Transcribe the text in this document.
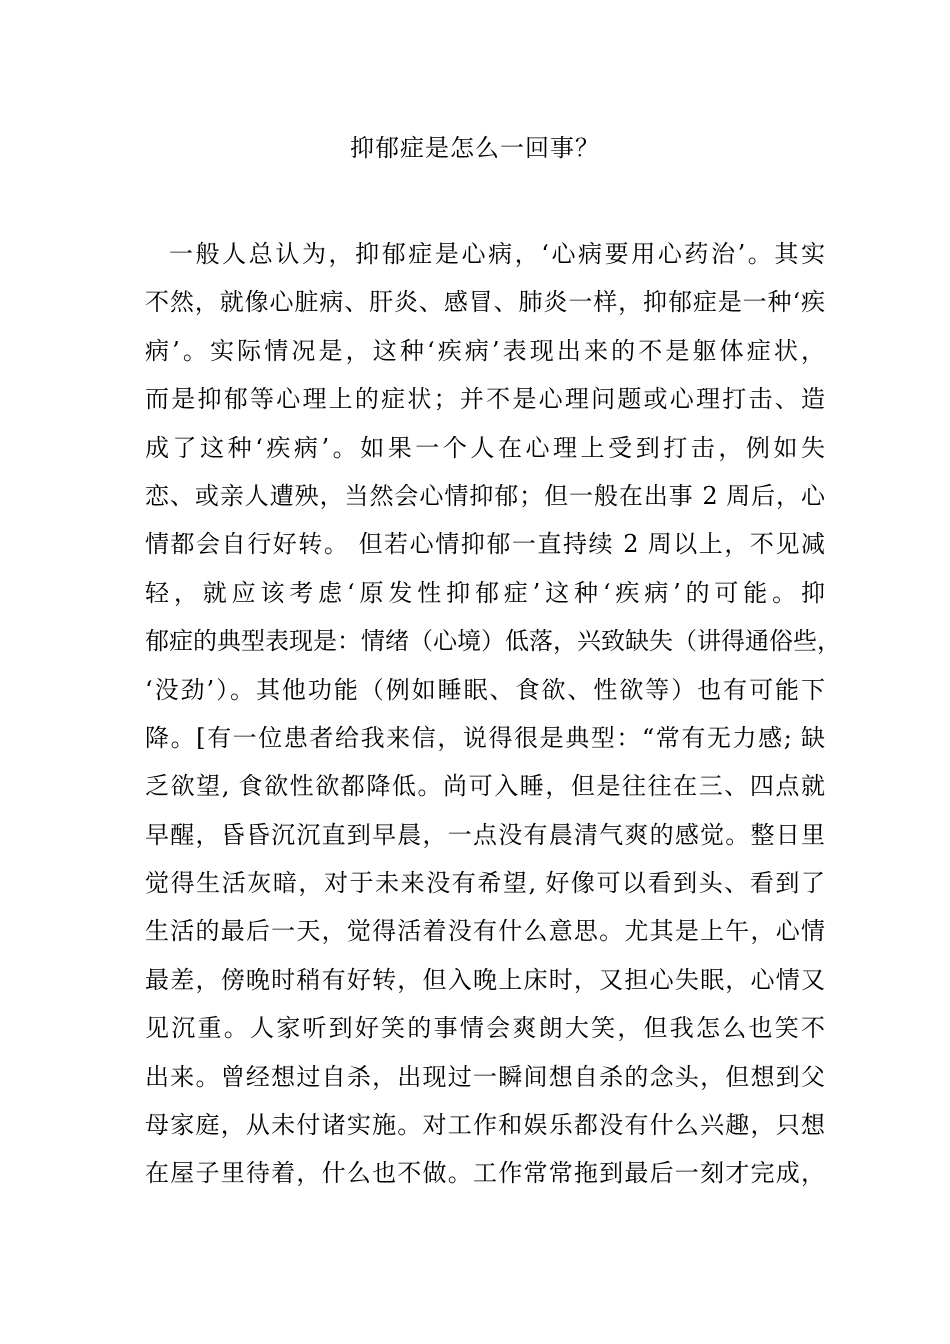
抑郁症是怎么一回事？
一般人总认为，抑郁症是心病，‘心病要用心药治’。其实
不然，就像心脏病、肝炎、感冒、肺炎一样，抑郁症是一种‘疾
病’。实际情况是，这种‘疾病’表现出来的不是躯体症状，
而是抑郁等心理上的症状；并不是心理问题或心理打击、造
成了这种‘疾病’。如果一个人在心理上受到打击，例如失
恋、或亲人遭殃，当然会心情抑郁；但一般在出事 2 周后，心
情都会自行好转。 但若心情抑郁一直持续 2 周以上，不见减
轻，就应该考虑‘原发性抑郁症’这种‘疾病’的可能。抑
郁症的典型表现是：情绪（心境）低落，兴致缺失（讲得通俗些，
‘没劲’）。其他功能（例如睡眠、食欲、性欲等）也有可能下
降。[有一位患者给我来信，说得很是典型：“常有无力感; 缺
乏欲望, 食欲性欲都降低。尚可入睡，但是往往在三、四点就
早醒，昏昏沉沉直到早晨，一点没有晨清气爽的感觉。整日里
觉得生活灰暗，对于未来没有希望, 好像可以看到头、看到了
生活的最后一天，觉得活着没有什么意思。尤其是上午，心情
最差，傍晚时稍有好转，但入晚上床时，又担心失眠，心情又
见沉重。人家听到好笑的事情会爽朗大笑，但我怎么也笑不
出来。曾经想过自杀，出现过一瞬间想自杀的念头，但想到父
母家庭，从未付诸实施。对工作和娱乐都没有什么兴趣，只想
在屋子里待着，什么也不做。工作常常拖到最后一刻才完成，
